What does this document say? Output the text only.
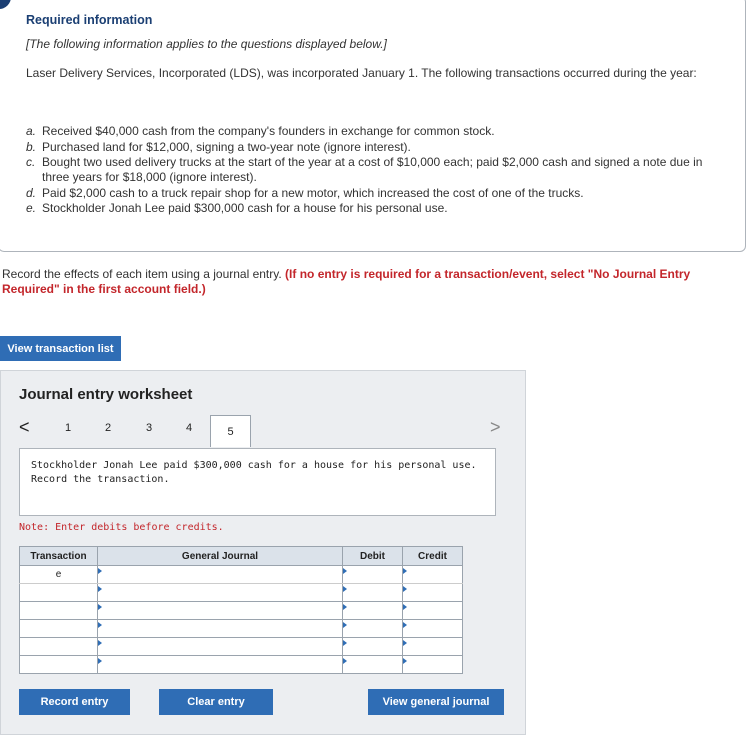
Required information
[The following information applies to the questions displayed below.]
Laser Delivery Services, Incorporated (LDS), was incorporated January 1. The following transactions occurred during the year:
a. Received $40,000 cash from the company's founders in exchange for common stock.
b. Purchased land for $12,000, signing a two-year note (ignore interest).
c. Bought two used delivery trucks at the start of the year at a cost of $10,000 each; paid $2,000 cash and signed a note due in three years for $18,000 (ignore interest).
d. Paid $2,000 cash to a truck repair shop for a new motor, which increased the cost of one of the trucks.
e. Stockholder Jonah Lee paid $300,000 cash for a house for his personal use.
Record the effects of each item using a journal entry. (If no entry is required for a transaction/event, select "No Journal Entry Required" in the first account field.)
View transaction list
Journal entry worksheet
<	1	2	3	4	5	>
Stockholder Jonah Lee paid $300,000 cash for a house for his personal use. Record the transaction.
Note: Enter debits before credits.
Transaction	General Journal	Debit	Credit
e			

Record entry	Clear entry	View general journal
